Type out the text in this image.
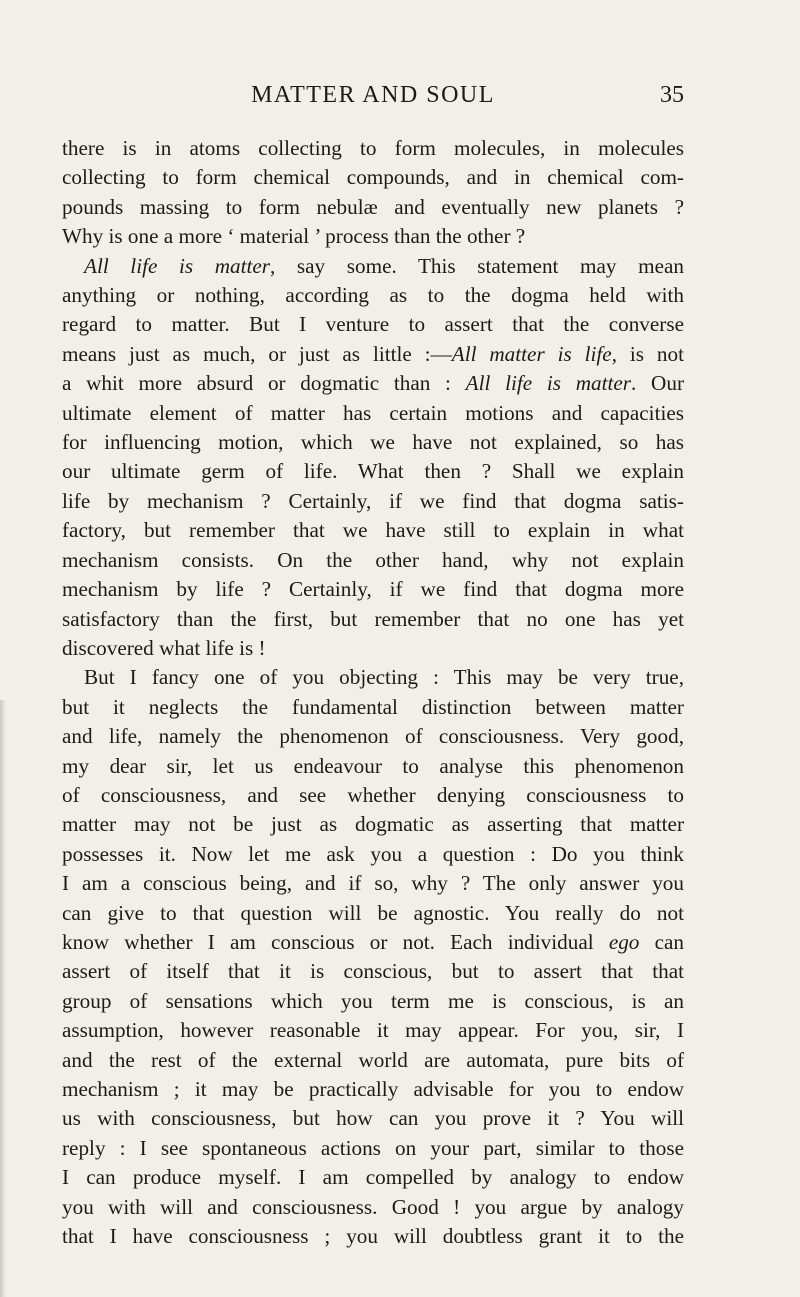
MATTER AND SOUL	35
there is in atoms collecting to form molecules, in molecules
collecting to form chemical compounds, and in chemical com-
pounds massing to form nebulæ and eventually new planets ?
Why is one a more ‘ material ’ process than the other ?
All life is matter, say some. This statement may mean
anything or nothing, according as to the dogma held with
regard to matter. But I venture to assert that the converse
means just as much, or just as little :—All matter is life, is not
a whit more absurd or dogmatic than : All life is matter. Our
ultimate element of matter has certain motions and capacities
for influencing motion, which we have not explained, so has
our ultimate germ of life. What then ? Shall we explain
life by mechanism ? Certainly, if we find that dogma satis-
factory, but remember that we have still to explain in what
mechanism consists. On the other hand, why not explain
mechanism by life ? Certainly, if we find that dogma more
satisfactory than the first, but remember that no one has yet
discovered what life is !
But I fancy one of you objecting : This may be very true,
but it neglects the fundamental distinction between matter
and life, namely the phenomenon of consciousness. Very good,
my dear sir, let us endeavour to analyse this phenomenon
of consciousness, and see whether denying consciousness to
matter may not be just as dogmatic as asserting that matter
possesses it. Now let me ask you a question : Do you think
I am a conscious being, and if so, why ? The only answer you
can give to that question will be agnostic. You really do not
know whether I am conscious or not. Each individual ego can
assert of itself that it is conscious, but to assert that that
group of sensations which you term me is conscious, is an
assumption, however reasonable it may appear. For you, sir, I
and the rest of the external world are automata, pure bits of
mechanism ; it may be practically advisable for you to endow
us with consciousness, but how can you prove it ? You will
reply : I see spontaneous actions on your part, similar to those
I can produce myself. I am compelled by analogy to endow
you with will and consciousness. Good ! you argue by analogy
that I have consciousness ; you will doubtless grant it to the
